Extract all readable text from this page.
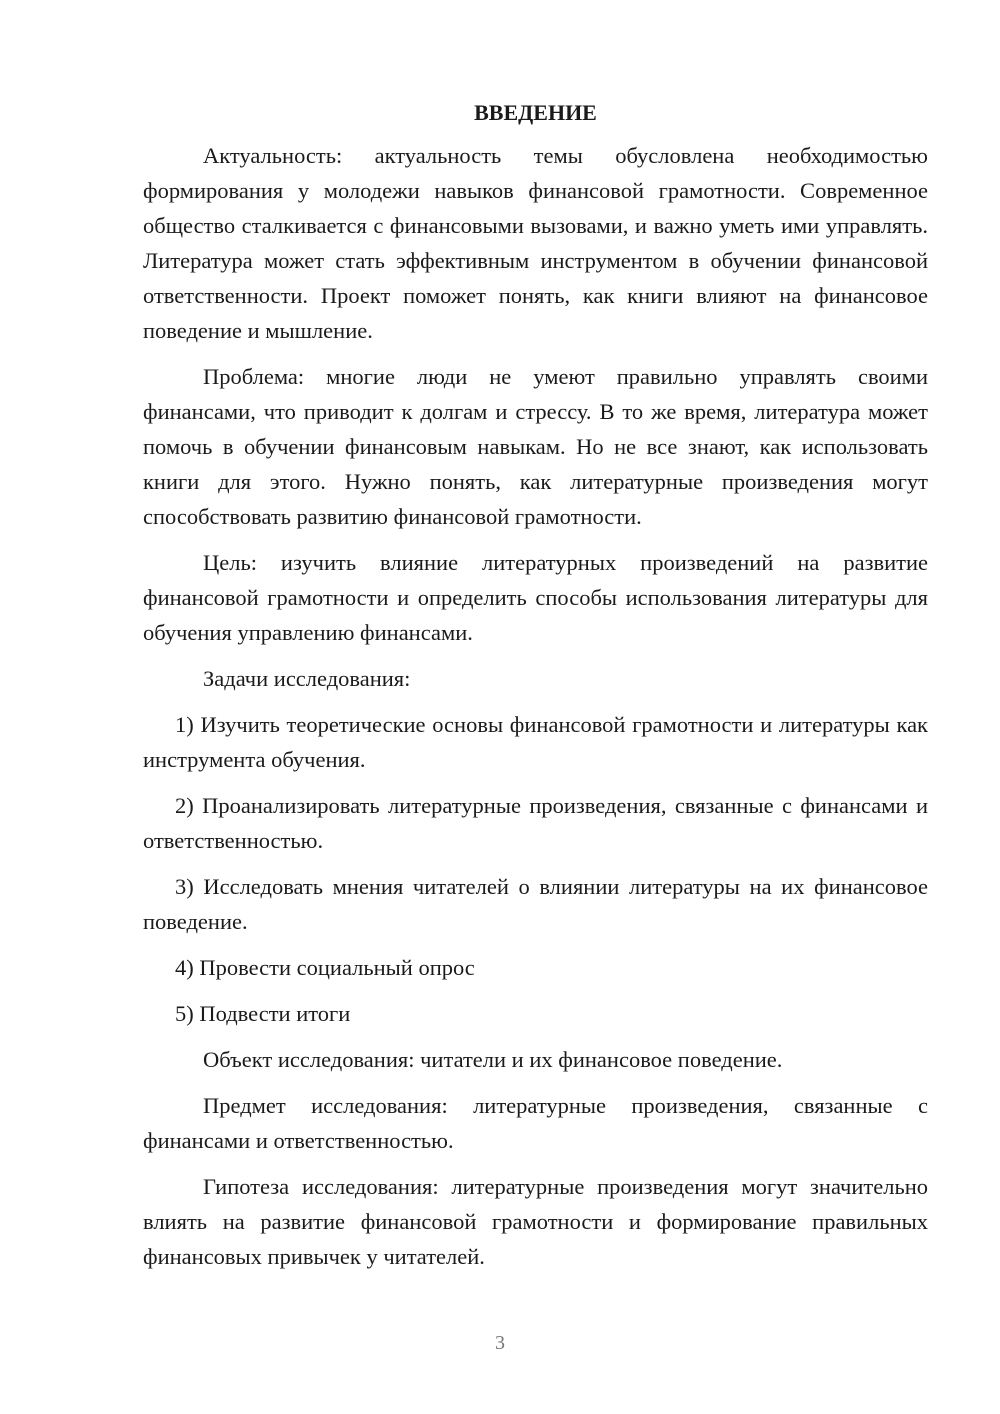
ВВЕДЕНИЕ

Актуальность: актуальность темы обусловлена необходимостью формирования у молодежи навыков финансовой грамотности. Современное общество сталкивается с финансовыми вызовами, и важно уметь ими управлять. Литература может стать эффективным инструментом в обучении финансовой ответственности. Проект поможет понять, как книги влияют на финансовое поведение и мышление.

Проблема: многие люди не умеют правильно управлять своими финансами, что приводит к долгам и стрессу. В то же время, литература может помочь в обучении финансовым навыкам. Но не все знают, как использовать книги для этого. Нужно понять, как литературные произведения могут способствовать развитию финансовой грамотности.

Цель: изучить влияние литературных произведений на развитие финансовой грамотности и определить способы использования литературы для обучения управлению финансами.

Задачи исследования:

1) Изучить теоретические основы финансовой грамотности и литературы как инструмента обучения.

2) Проанализировать литературные произведения, связанные с финансами и ответственностью.

3) Исследовать мнения читателей о влиянии литературы на их финансовое поведение.

4) Провести социальный опрос

5) Подвести итоги

Объект исследования: читатели и их финансовое поведение.

Предмет исследования: литературные произведения, связанные с финансами и ответственностью.

Гипотеза исследования: литературные произведения могут значительно влиять на развитие финансовой грамотности и формирование правильных финансовых привычек у читателей.

3
